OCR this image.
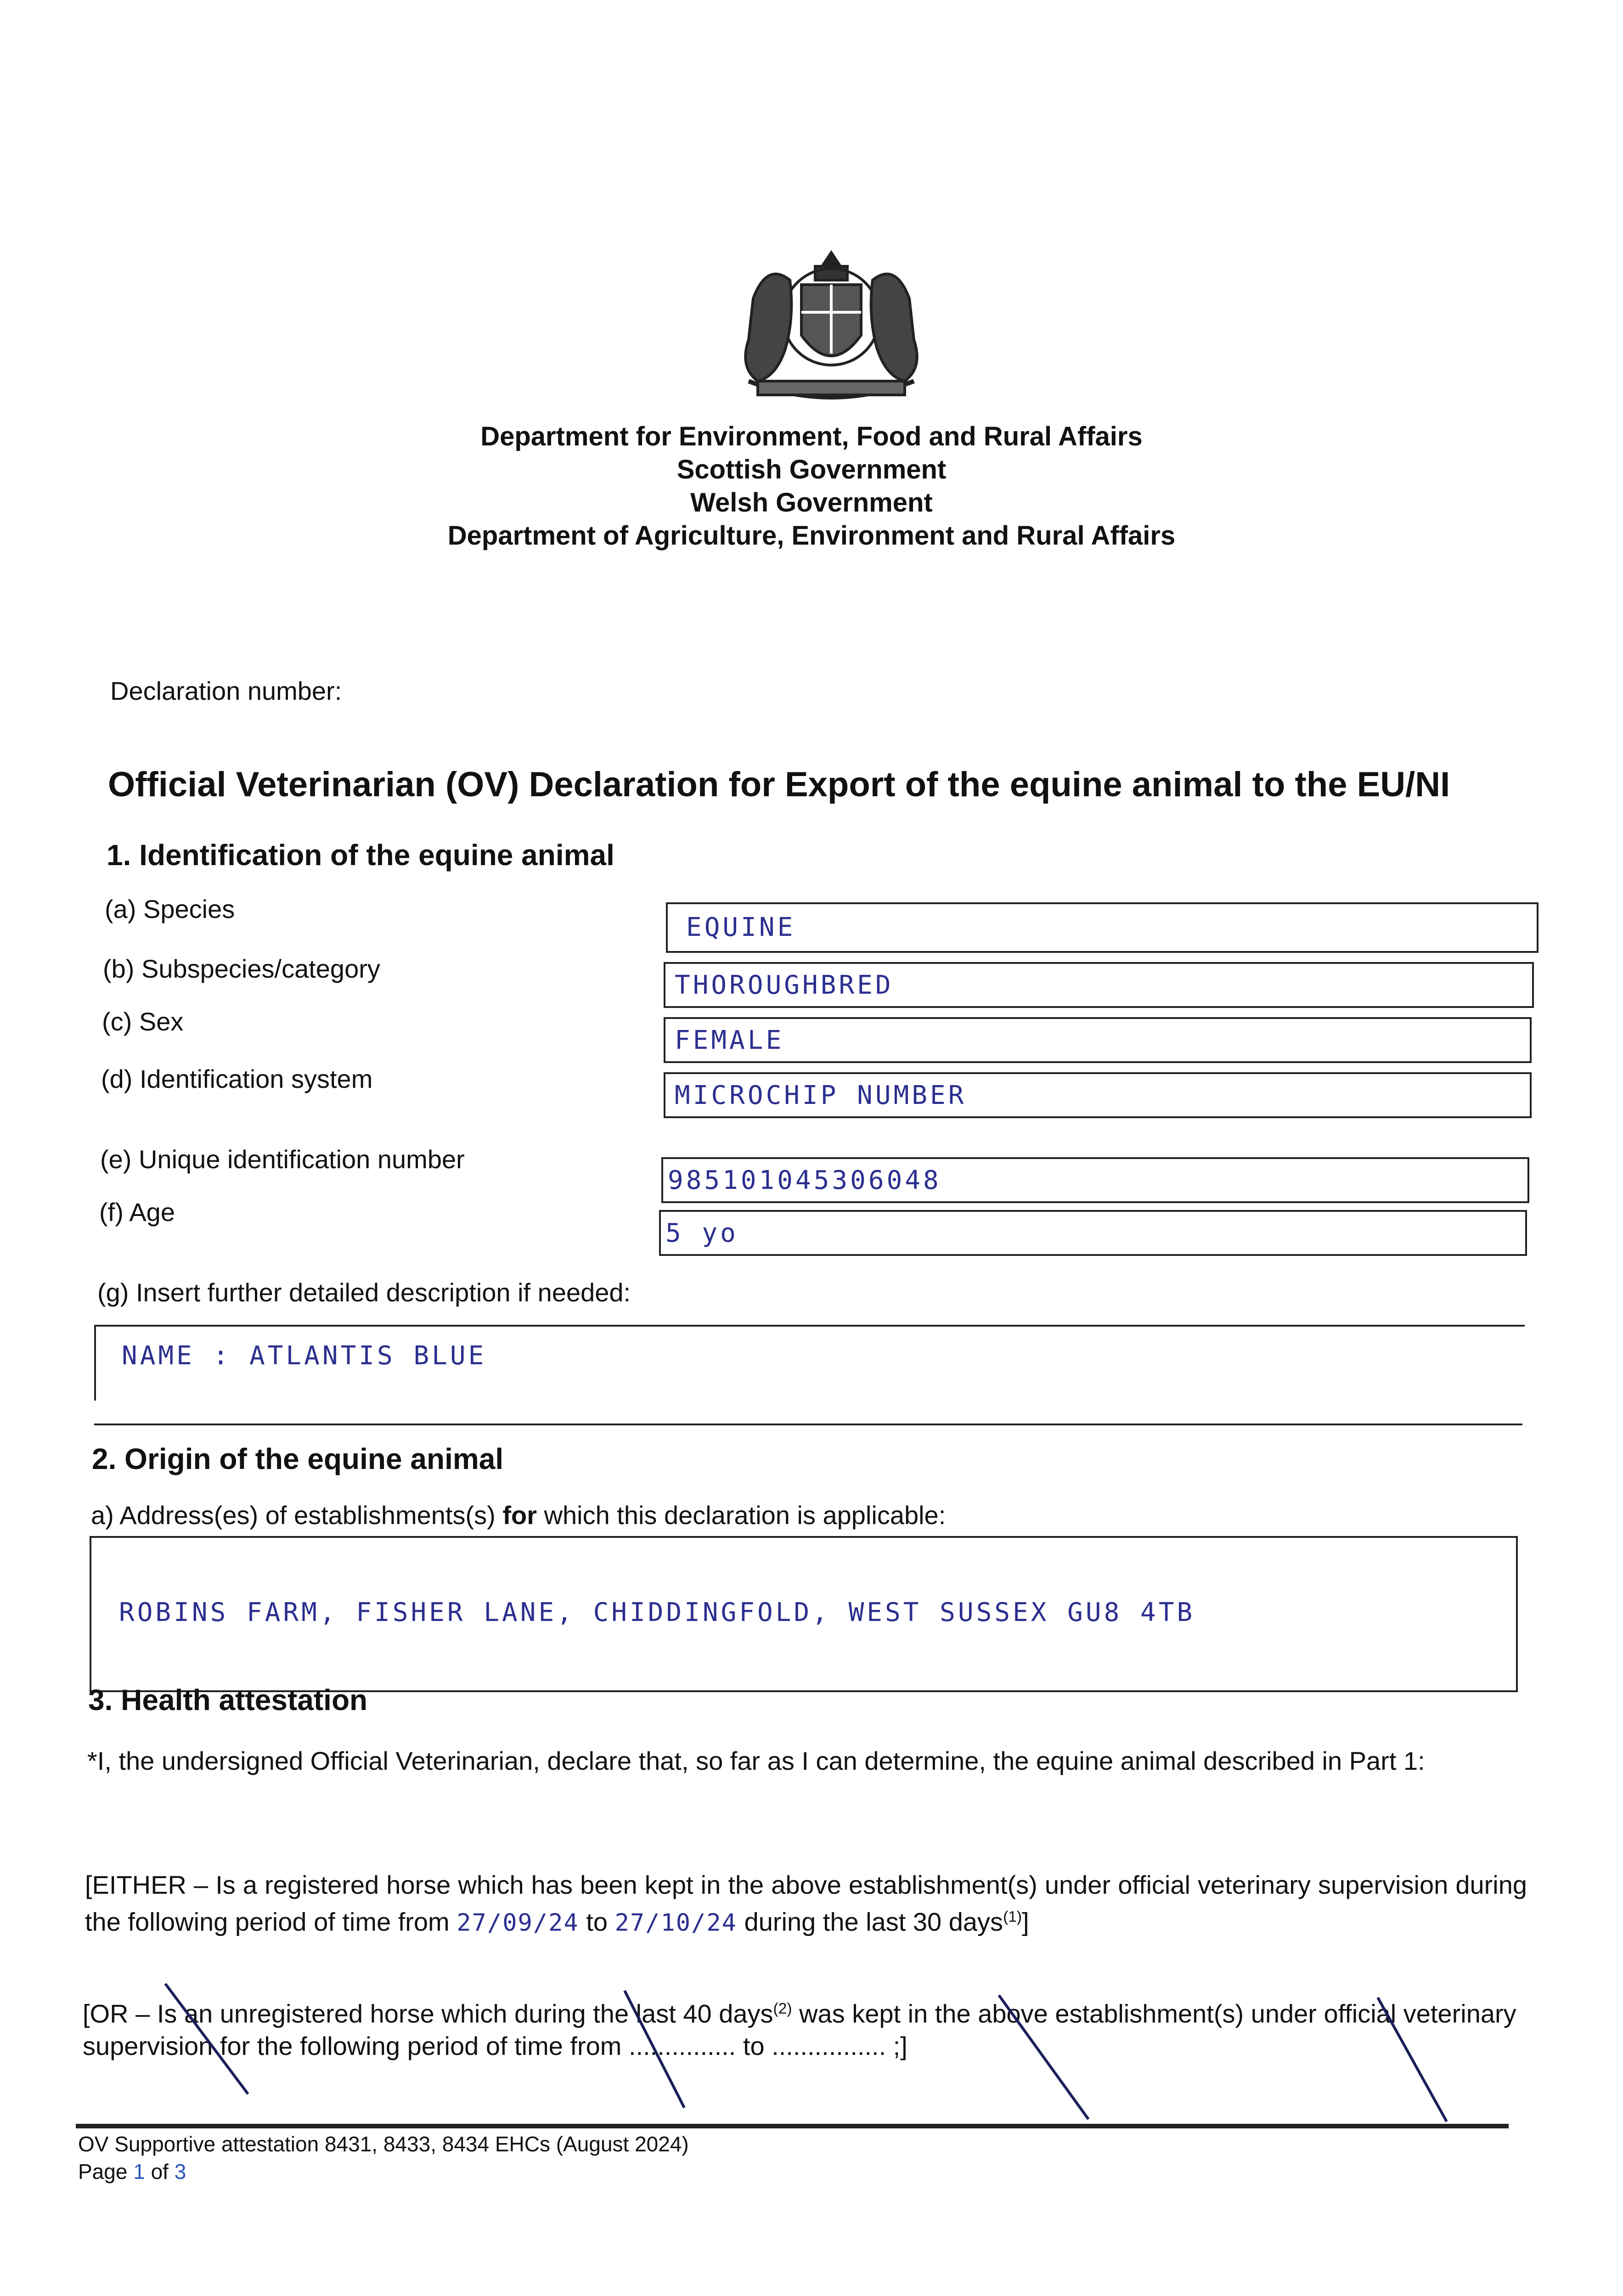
Department for Environment, Food and Rural Affairs
Scottish Government
Welsh Government
Department of Agriculture, Environment and Rural Affairs
Declaration number:
Official Veterinarian (OV) Declaration for Export of the equine animal to the EU/NI
1. Identification of the equine animal
(a) Species
EQUINE
(b) Subspecies/category
THOROUGHBRED
(c) Sex
FEMALE
(d) Identification system
MICROCHIP NUMBER
(e) Unique identification number
985101045306048
(f) Age
5 yo
(g) Insert further detailed description if needed:
NAME : ATLANTIS BLUE
2. Origin of the equine animal
a) Address(es) of establishments(s) for which this declaration is applicable:
ROBINS FARM, FISHER LANE, CHIDDINGFOLD, WEST SUSSEX GU8 4TB
3. Health attestation
*I, the undersigned Official Veterinarian, declare that, so far as I can determine, the equine animal described in Part 1:
[EITHER – Is a registered horse which has been kept in the above establishment(s) under official veterinary supervision during the following period of time from 27/09/24 to 27/10/24 during the last 30 days$^{(1)}$]
[OR – Is an unregistered horse which during the last 40 days$^{(2)}$ was kept in the above establishment(s) under official veterinary supervision for the following period of time from ............... to ................ ;]
OV Supportive attestation 8431, 8433, 8434 EHCs (August 2024)
Page 1 of 3
